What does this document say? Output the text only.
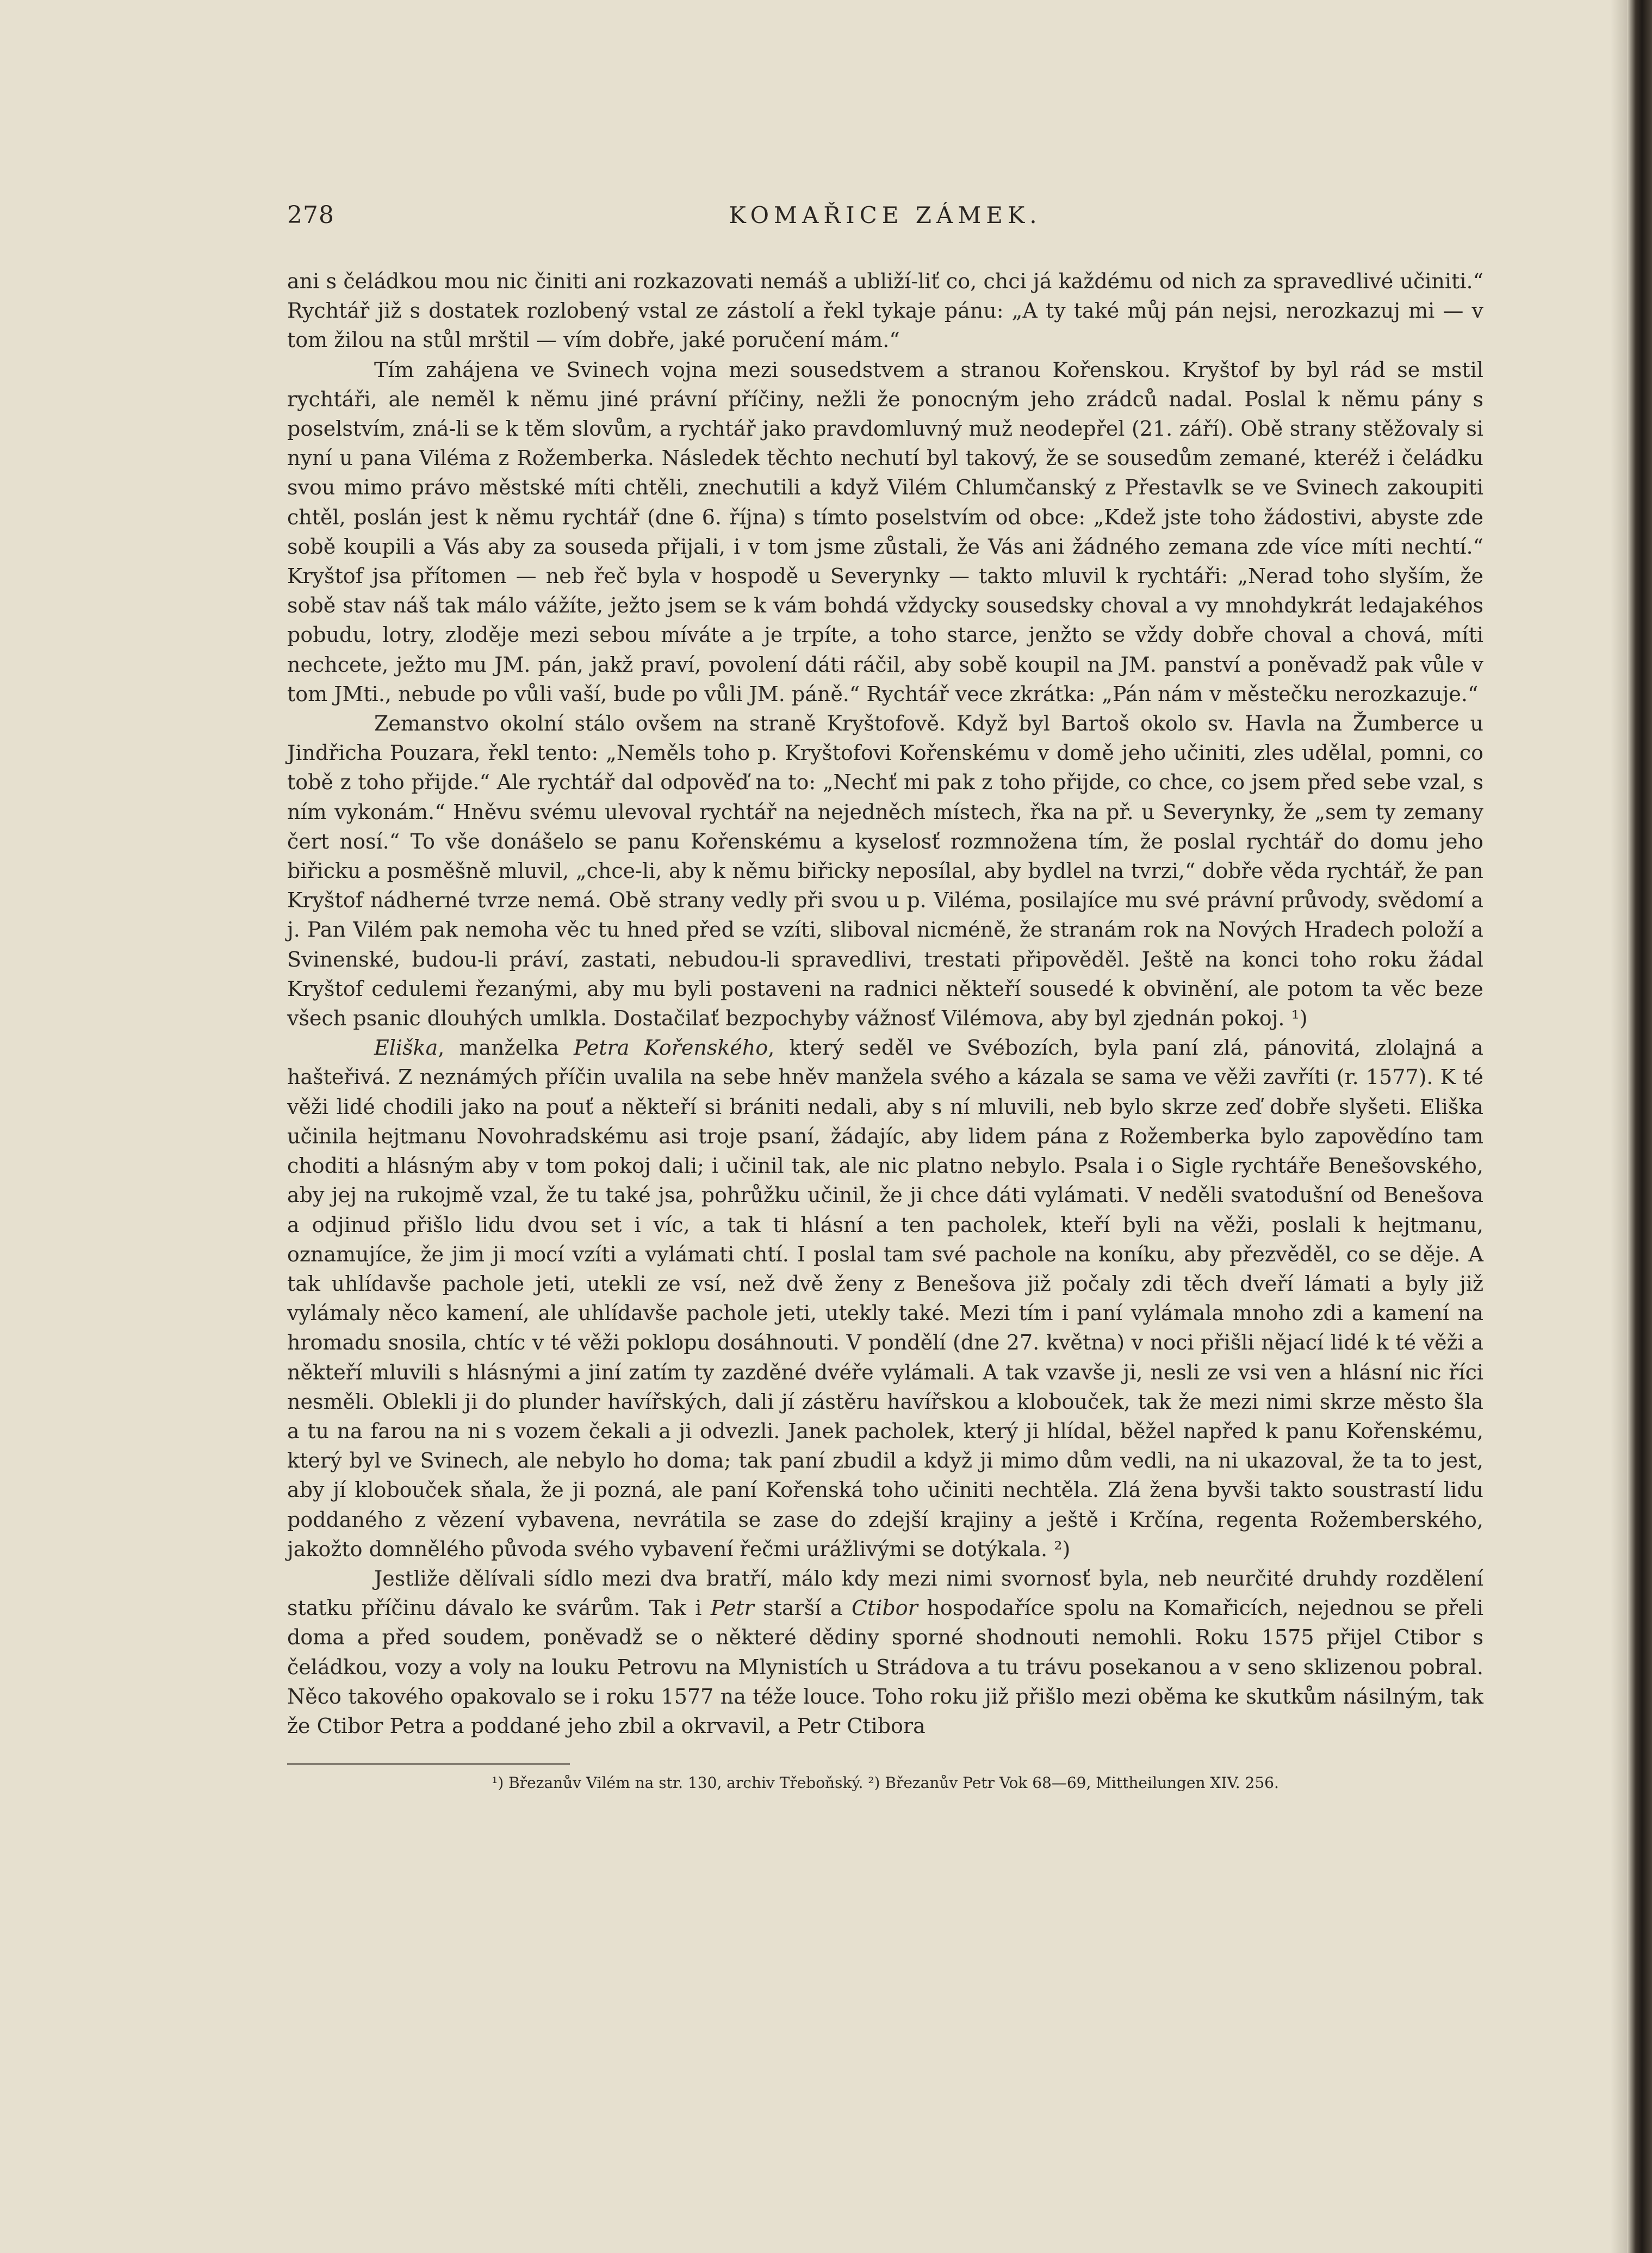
278	KOMAŘICE ZÁMEK.

ani s čeládkou mou nic činiti ani rozkazovati nemáš a ubliží-liť co, chci já každému od nich za spravedlivé učiniti.“ Rychtář již s dostatek rozlobený vstal ze zástolí a řekl tykaje pánu: „A ty také můj pán nejsi, nerozkazuj mi — v tom žilou na stůl mrštil — vím dobře, jaké poručení mám.“

Tím zahájena ve Svinech vojna mezi sousedstvem a stranou Kořenskou. Kryštof by byl rád se mstil rychtáři, ale neměl k němu jiné právní příčiny, nežli že ponocným jeho zrádců nadal. Poslal k němu pány s poselstvím, zná-li se k těm slovům, a rychtář jako pravdomluvný muž neodepřel (21. září). Obě strany stěžovaly si nyní u pana Viléma z Rožemberka. Následek těchto nechutí byl takový, že se sousedům zemané, kteréž i čeládku svou mimo právo městské míti chtěli, znechutili a když Vilém Chlumčanský z Přestavlk se ve Svinech zakoupiti chtěl, poslán jest k němu rychtář (dne 6. října) s tímto poselstvím od obce: „Kdež jste toho žádostivi, abyste zde sobě koupili a Vás aby za souseda přijali, i v tom jsme zůstali, že Vás ani žádného zemana zde více míti nechtí.“ Kryštof jsa přítomen — neb řeč byla v hospodě u Severynky — takto mluvil k rychtáři: „Nerad toho slyším, že sobě stav náš tak málo vážíte, ježto jsem se k vám bohdá vždycky sousedsky choval a vy mnohdykrát ledajakéhos pobudu, lotry, zloděje mezi sebou míváte a je trpíte, a toho starce, jenžto se vždy dobře choval a chová, míti nechcete, ježto mu JM. pán, jakž praví, povolení dáti ráčil, aby sobě koupil na JM. panství a poněvadž pak vůle v tom JMti., nebude po vůli vaší, bude po vůli JM. páně.“ Rychtář vece zkrátka: „Pán nám v městečku nerozkazuje.“

Zemanstvo okolní stálo ovšem na straně Kryštofově. Když byl Bartoš okolo sv. Havla na Žumberce u Jindřicha Pouzara, řekl tento: „Neměls toho p. Kryštofovi Kořenskému v domě jeho učiniti, zles udělal, pomni, co tobě z toho přijde.“ Ale rychtář dal odpověď na to: „Nechť mi pak z toho přijde, co chce, co jsem před sebe vzal, s ním vykonám.“ Hněvu svému ulevoval rychtář na nejedněch místech, řka na př. u Severynky, že „sem ty zemany čert nosí.“ To vše donášelo se panu Kořenskému a kyselosť rozmnožena tím, že poslal rychtář do domu jeho biřicku a posměšně mluvil, „chce-li, aby k němu biřicky neposílal, aby bydlel na tvrzi,“ dobře věda rychtář, že pan Kryštof nádherné tvrze nemá. Obě strany vedly při svou u p. Viléma, posilajíce mu své právní průvody, svědomí a j. Pan Vilém pak nemoha věc tu hned před se vzíti, sliboval nicméně, že stranám rok na Nových Hradech položí a Svinenské, budou-li práví, zastati, nebudou-li spravedlivi, trestati připověděl. Ještě na konci toho roku žádal Kryštof cedulemi řezanými, aby mu byli postaveni na radnici někteří sousedé k obvinění, ale potom ta věc beze všech psanic dlouhých umlkla. Dostačilať bezpochyby vážnosť Vilémova, aby byl zjednán pokoj. ¹)

Eliška, manželka Petra Kořenského, který seděl ve Svébozích, byla paní zlá, pánovitá, zlolajná a hašteřivá. Z neznámých příčin uvalila na sebe hněv manžela svého a kázala se sama ve věži zavříti (r. 1577). K té věži lidé chodili jako na pouť a někteří si brániti nedali, aby s ní mluvili, neb bylo skrze zeď dobře slyšeti. Eliška učinila hejtmanu Novohradskému asi troje psaní, žádajíc, aby lidem pána z Rožemberka bylo zapovědíno tam choditi a hlásným aby v tom pokoj dali; i učinil tak, ale nic platno nebylo. Psala i o Sigle rychtáře Benešovského, aby jej na rukojmě vzal, že tu také jsa, pohrůžku učinil, že ji chce dáti vylámati. V neděli svatodušní od Benešova a odjinud přišlo lidu dvou set i víc, a tak ti hlásní a ten pacholek, kteří byli na věži, poslali k hejtmanu, oznamujíce, že jim ji mocí vzíti a vylámati chtí. I poslal tam své pachole na koníku, aby přezvěděl, co se děje. A tak uhlídavše pachole jeti, utekli ze vsí, než dvě ženy z Benešova již počaly zdi těch dveří lámati a byly již vylámaly něco kamení, ale uhlídavše pachole jeti, utekly také. Mezi tím i paní vylámala mnoho zdi a kamení na hromadu snosila, chtíc v té věži poklopu dosáhnouti. V pondělí (dne 27. května) v noci přišli nějací lidé k té věži a někteří mluvili s hlásnými a jiní zatím ty zazděné dvéře vylámali. A tak vzavše ji, nesli ze vsi ven a hlásní nic říci nesměli. Oblekli ji do plunder havířských, dali jí zástěru havířskou a klobouček, tak že mezi nimi skrze město šla a tu na farou na ni s vozem čekali a ji odvezli. Janek pacholek, který ji hlídal, běžel napřed k panu Kořenskému, který byl ve Svinech, ale nebylo ho doma; tak paní zbudil a když ji mimo dům vedli, na ni ukazoval, že ta to jest, aby jí klobouček sňala, že ji pozná, ale paní Kořenská toho učiniti nechtěla. Zlá žena byvši takto soustrastí lidu poddaného z vězení vybavena, nevrátila se zase do zdejší krajiny a ještě i Krčína, regenta Rožemberského, jakožto domnělého původa svého vybavení řečmi urážlivými se dotýkala. ²)

Jestliže dělívali sídlo mezi dva bratří, málo kdy mezi nimi svornosť byla, neb neurčité druhdy rozdělení statku příčinu dávalo ke svárům. Tak i Petr starší a Ctibor hospodaříce spolu na Komařicích, nejednou se přeli doma a před soudem, poněvadž se o některé dědiny sporné shodnouti nemohli. Roku 1575 přijel Ctibor s čeládkou, vozy a voly na louku Petrovu na Mlynistích u Strádova a tu trávu posekanou a v seno sklizenou pobral. Něco takového opakovalo se i roku 1577 na téže louce. Toho roku již přišlo mezi oběma ke skutkům násilným, tak že Ctibor Petra a poddané jeho zbil a okrvavil, a Petr Ctibora

¹) Březanův Vilém na str. 130, archiv Třeboňský. ²) Březanův Petr Vok 68—69, Mittheilungen XIV. 256.
